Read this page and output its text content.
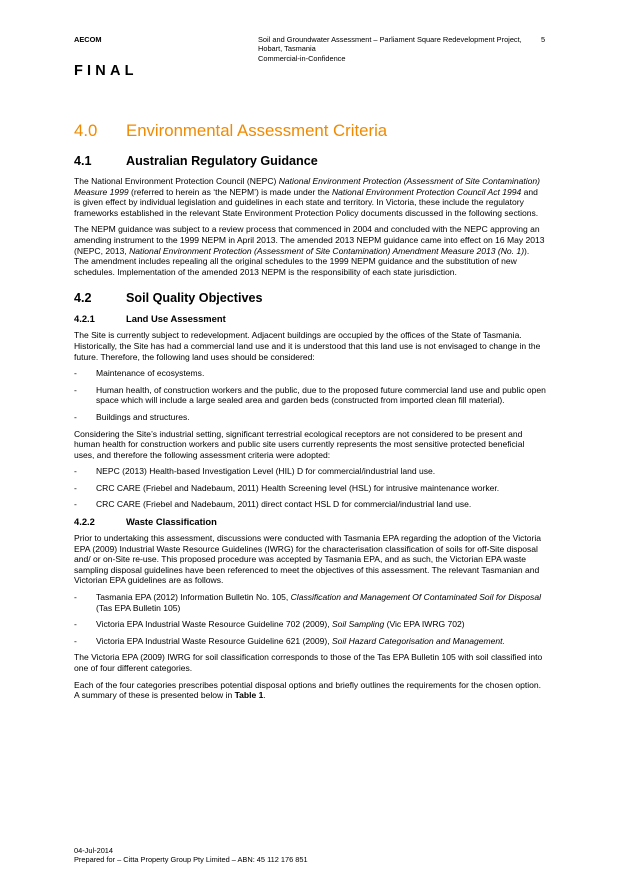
AECOM	Soil and Groundwater Assessment – Parliament Square Redevelopment Project,
Hobart, Tasmania
Commercial-in-Confidence
5
FINAL
4.0 Environmental Assessment Criteria
4.1	Australian Regulatory Guidance

The National Environment Protection Council (NEPC) National Environment Protection (Assessment of Site Contamination) Measure 1999 (referred to herein as ‘the NEPM’) is made under the National Environment Protection Council Act 1994 and is given effect by individual legislation and guidelines in each state and territory. In Victoria, these include the regulatory frameworks established in the relevant State Environment Protection Policy documents discussed in the following sections.

The NEPM guidance was subject to a review process that commenced in 2004 and concluded with the NEPC approving an amending instrument to the 1999 NEPM in April 2013. The amended 2013 NEPM guidance came into effect on 16 May 2013 (NEPC, 2013, National Environment Protection (Assessment of Site Contamination) Amendment Measure 2013 (No. 1)). The amendment includes repealing all the original schedules to the 1999 NEPM guidance and the substitution of new schedules. Implementation of the amended 2013 NEPM is the responsibility of each state jurisdiction.

4.2	Soil Quality Objectives
4.2.1	Land Use Assessment

The Site is currently subject to redevelopment. Adjacent buildings are occupied by the offices of the State of Tasmania. Historically, the Site has had a commercial land use and it is understood that this land use is not envisaged to change in the future. Therefore, the following land uses should be considered:

- Maintenance of ecosystems.
- Human health, of construction workers and the public, due to the proposed future commercial land use and public open space which will include a large sealed area and garden beds (constructed from imported clean fill material).
- Buildings and structures.

Considering the Site’s industrial setting, significant terrestrial ecological receptors are not considered to be present and human health for construction workers and public site users currently represents the most sensitive protected beneficial uses, and therefore the following assessment criteria were adopted:

- NEPC (2013) Health-based Investigation Level (HIL) D for commercial/industrial land use.
- CRC CARE (Friebel and Nadebaum, 2011) Health Screening level (HSL) for intrusive maintenance worker.
- CRC CARE (Friebel and Nadebaum, 2011) direct contact HSL D for commercial/industrial land use.
4.2.2	Waste Classification

Prior to undertaking this assessment, discussions were conducted with Tasmania EPA regarding the adoption of the Victoria EPA (2009) Industrial Waste Resource Guidelines (IWRG) for the characterisation classification of soils for off-Site disposal and/ or on-Site re-use. This proposed procedure was accepted by Tasmania EPA, and as such, the Victorian EPA waste sampling disposal guidelines have been referenced to meet the objectives of this assessment. The relevant Tasmanian and Victorian EPA guidelines are as follows.

- Tasmania EPA (2012) Information Bulletin No. 105, Classification and Management Of Contaminated Soil for Disposal (Tas EPA Bulletin 105)
- Victoria EPA Industrial Waste Resource Guideline 702 (2009), Soil Sampling (Vic EPA IWRG 702)
- Victoria EPA Industrial Waste Resource Guideline 621 (2009), Soil Hazard Categorisation and Management.

The Victoria EPA (2009) IWRG for soil classification corresponds to those of the Tas EPA Bulletin 105 with soil classified into one of four different categories.

Each of the four categories prescribes potential disposal options and briefly outlines the requirements for the chosen option. A summary of these is presented below in Table 1.

04-Jul-2014
Prepared for – Citta Property Group Pty Limited – ABN: 45 112 176 851
